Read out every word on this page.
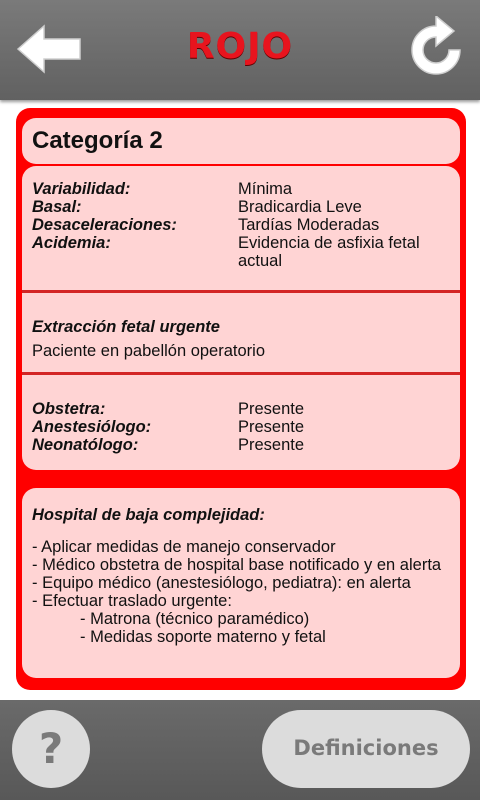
ROJO
Categoría 2
Variabilidad:	Mínima
Basal:	Bradicardia Leve
Desaceleraciones:	Tardías Moderadas
Acidemia:	Evidencia de asfixia fetal actual
Extracción fetal urgente
Paciente en pabellón operatorio
Obstetra:	Presente
Anestesiólogo:	Presente
Neonatólogo:	Presente
Hospital de baja complejidad:
- Aplicar medidas de manejo conservador
- Médico obstetra de hospital base notificado y en alerta
- Equipo médico (anestesiólogo, pediatra): en alerta
- Efectuar traslado urgente:
- Matrona (técnico paramédico)
- Medidas soporte materno y fetal
?	Definiciones
